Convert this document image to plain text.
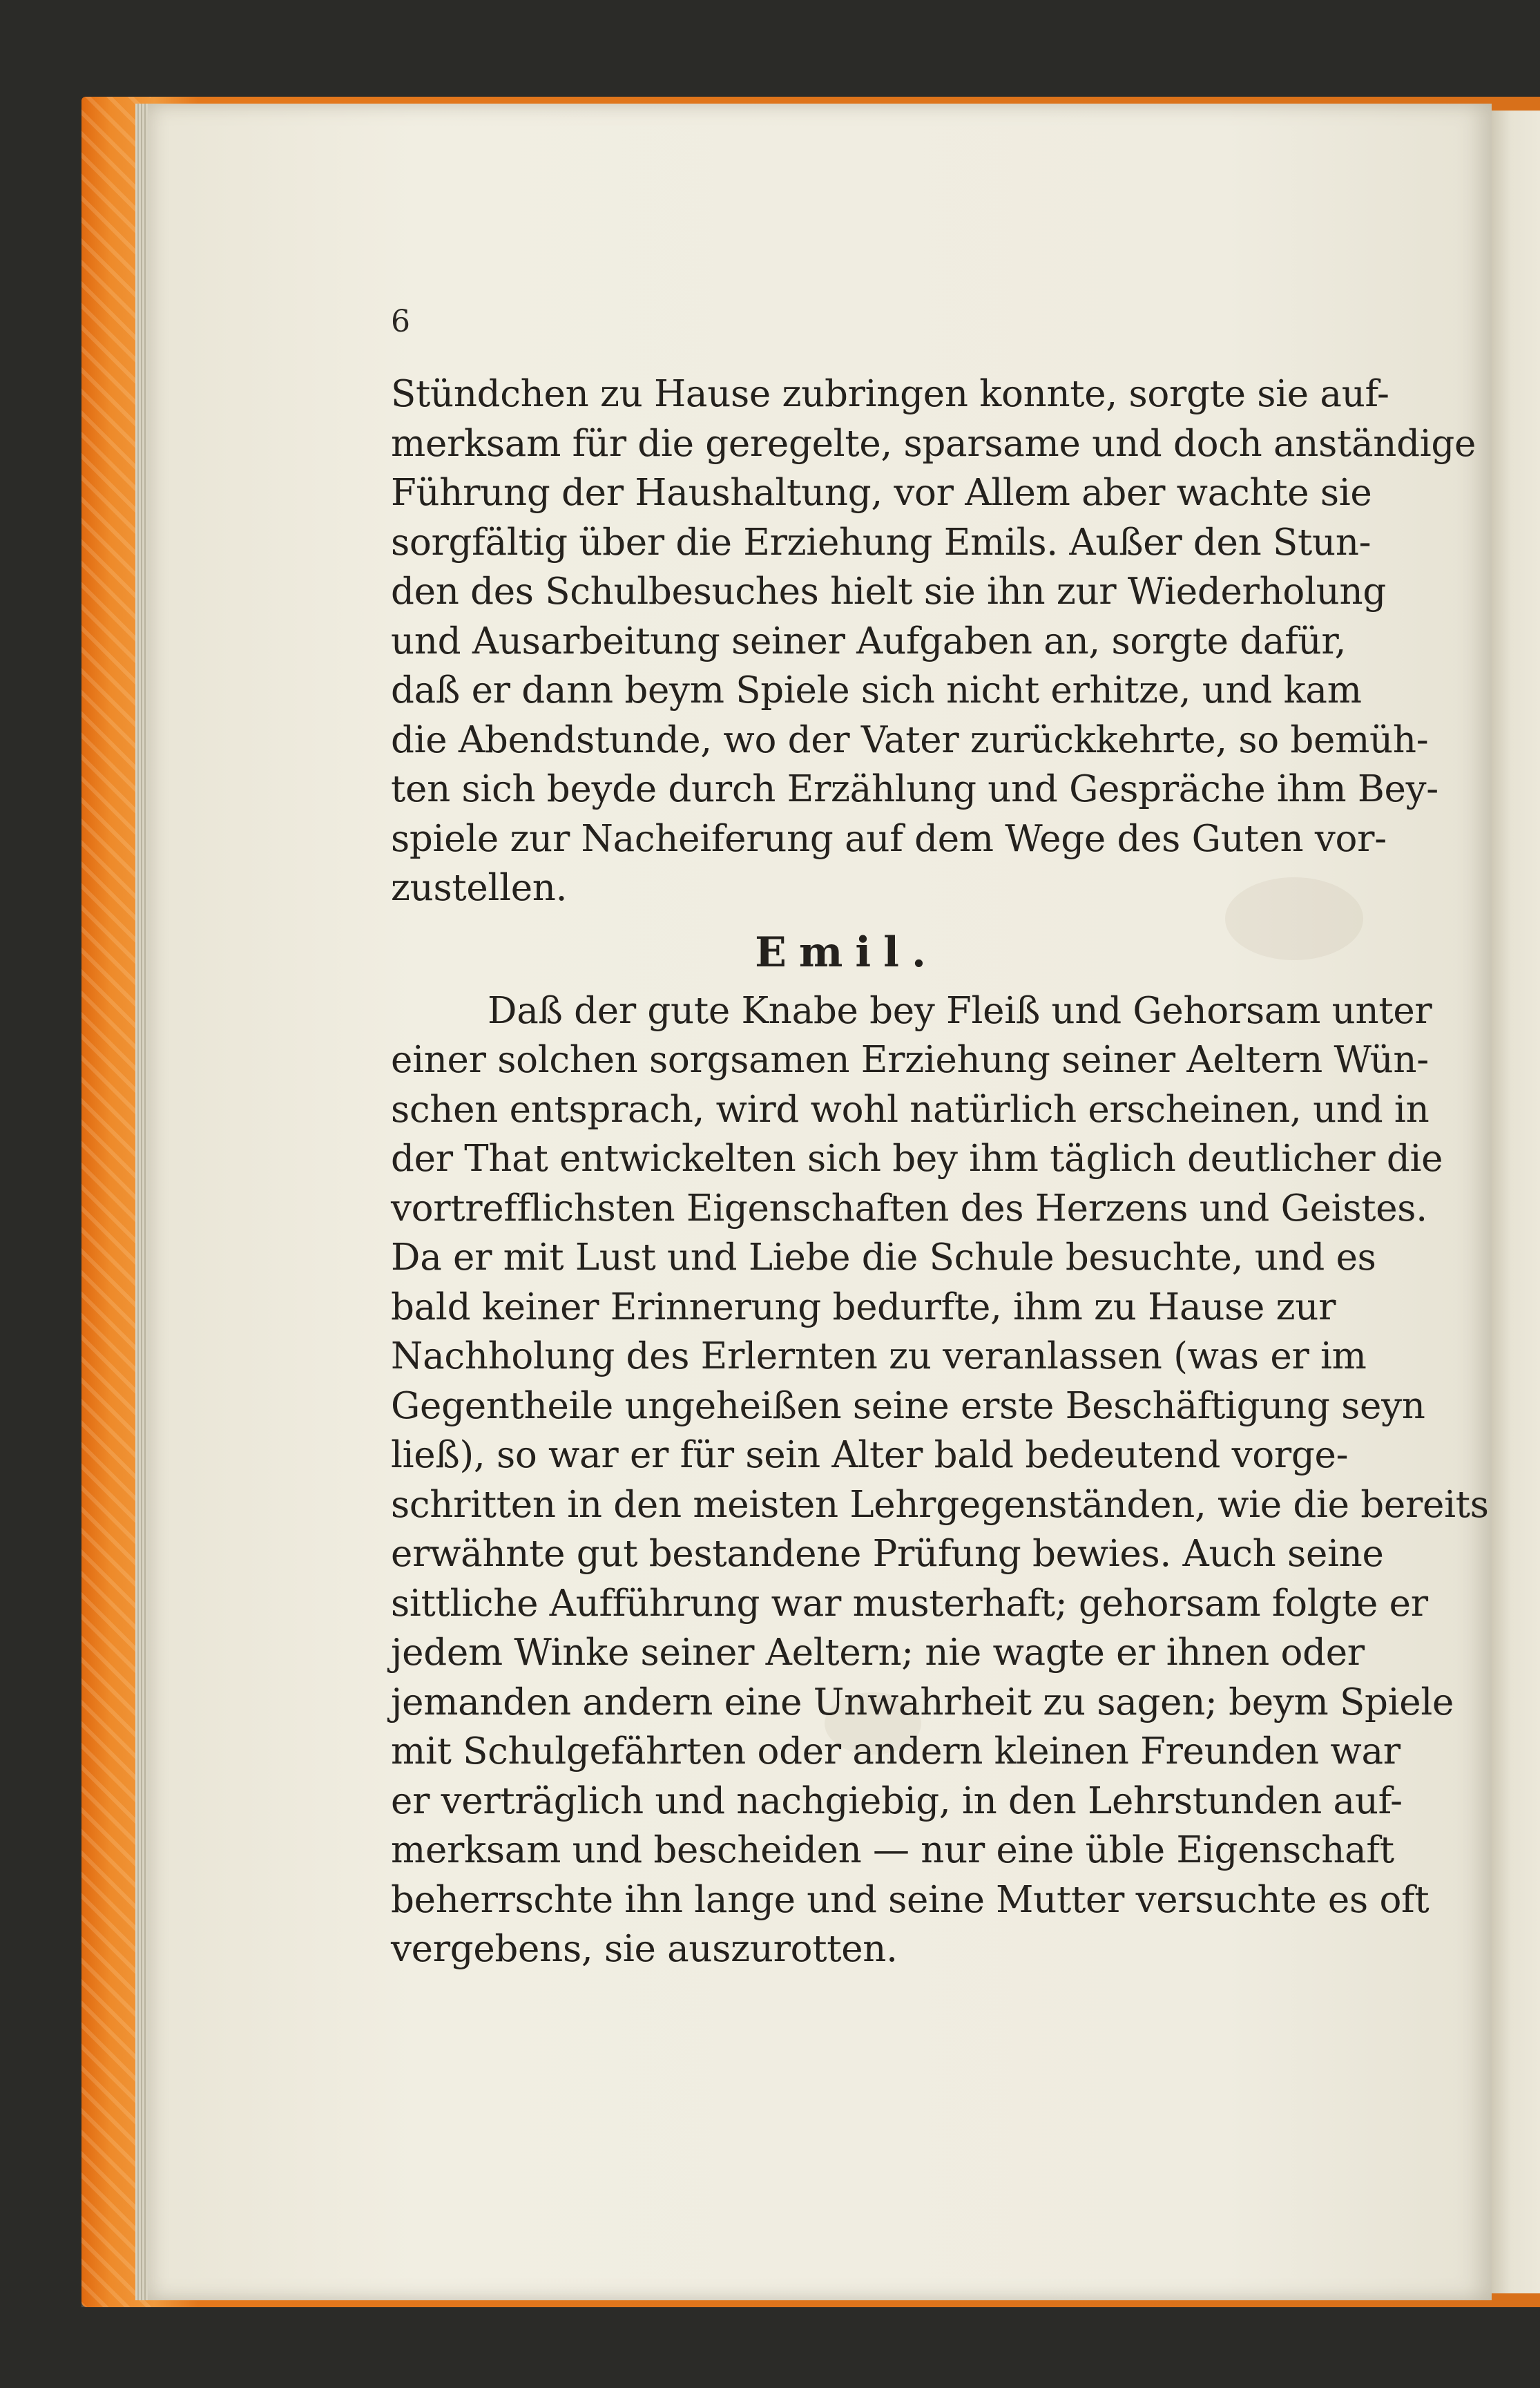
6
Stündchen zu Hause zubringen konnte, sorgte sie auf-
merksam für die geregelte, sparsame und doch anständige
Führung der Haushaltung, vor Allem aber wachte sie
sorgfältig über die Erziehung Emils. Außer den Stun-
den des Schulbesuches hielt sie ihn zur Wiederholung
und Ausarbeitung seiner Aufgaben an, sorgte dafür,
daß er dann beym Spiele sich nicht erhitze, und kam
die Abendstunde, wo der Vater zurückkehrte, so bemüh-
ten sich beyde durch Erzählung und Gespräche ihm Bey-
spiele zur Nacheiferung auf dem Wege des Guten vor-
zustellen.
Emil.
Daß der gute Knabe bey Fleiß und Gehorsam unter
einer solchen sorgsamen Erziehung seiner Aeltern Wün-
schen entsprach, wird wohl natürlich erscheinen, und in
der That entwickelten sich bey ihm täglich deutlicher die
vortrefflichsten Eigenschaften des Herzens und Geistes.
Da er mit Lust und Liebe die Schule besuchte, und es
bald keiner Erinnerung bedurfte, ihm zu Hause zur
Nachholung des Erlernten zu veranlassen (was er im
Gegentheile ungeheißen seine erste Beschäftigung seyn
ließ), so war er für sein Alter bald bedeutend vorge-
schritten in den meisten Lehrgegenständen, wie die bereits
erwähnte gut bestandene Prüfung bewies. Auch seine
sittliche Aufführung war musterhaft; gehorsam folgte er
jedem Winke seiner Aeltern; nie wagte er ihnen oder
jemanden andern eine Unwahrheit zu sagen; beym Spiele
mit Schulgefährten oder andern kleinen Freunden war
er verträglich und nachgiebig, in den Lehrstunden auf-
merksam und bescheiden — nur eine üble Eigenschaft
beherrschte ihn lange und seine Mutter versuchte es oft
vergebens, sie auszurotten.
